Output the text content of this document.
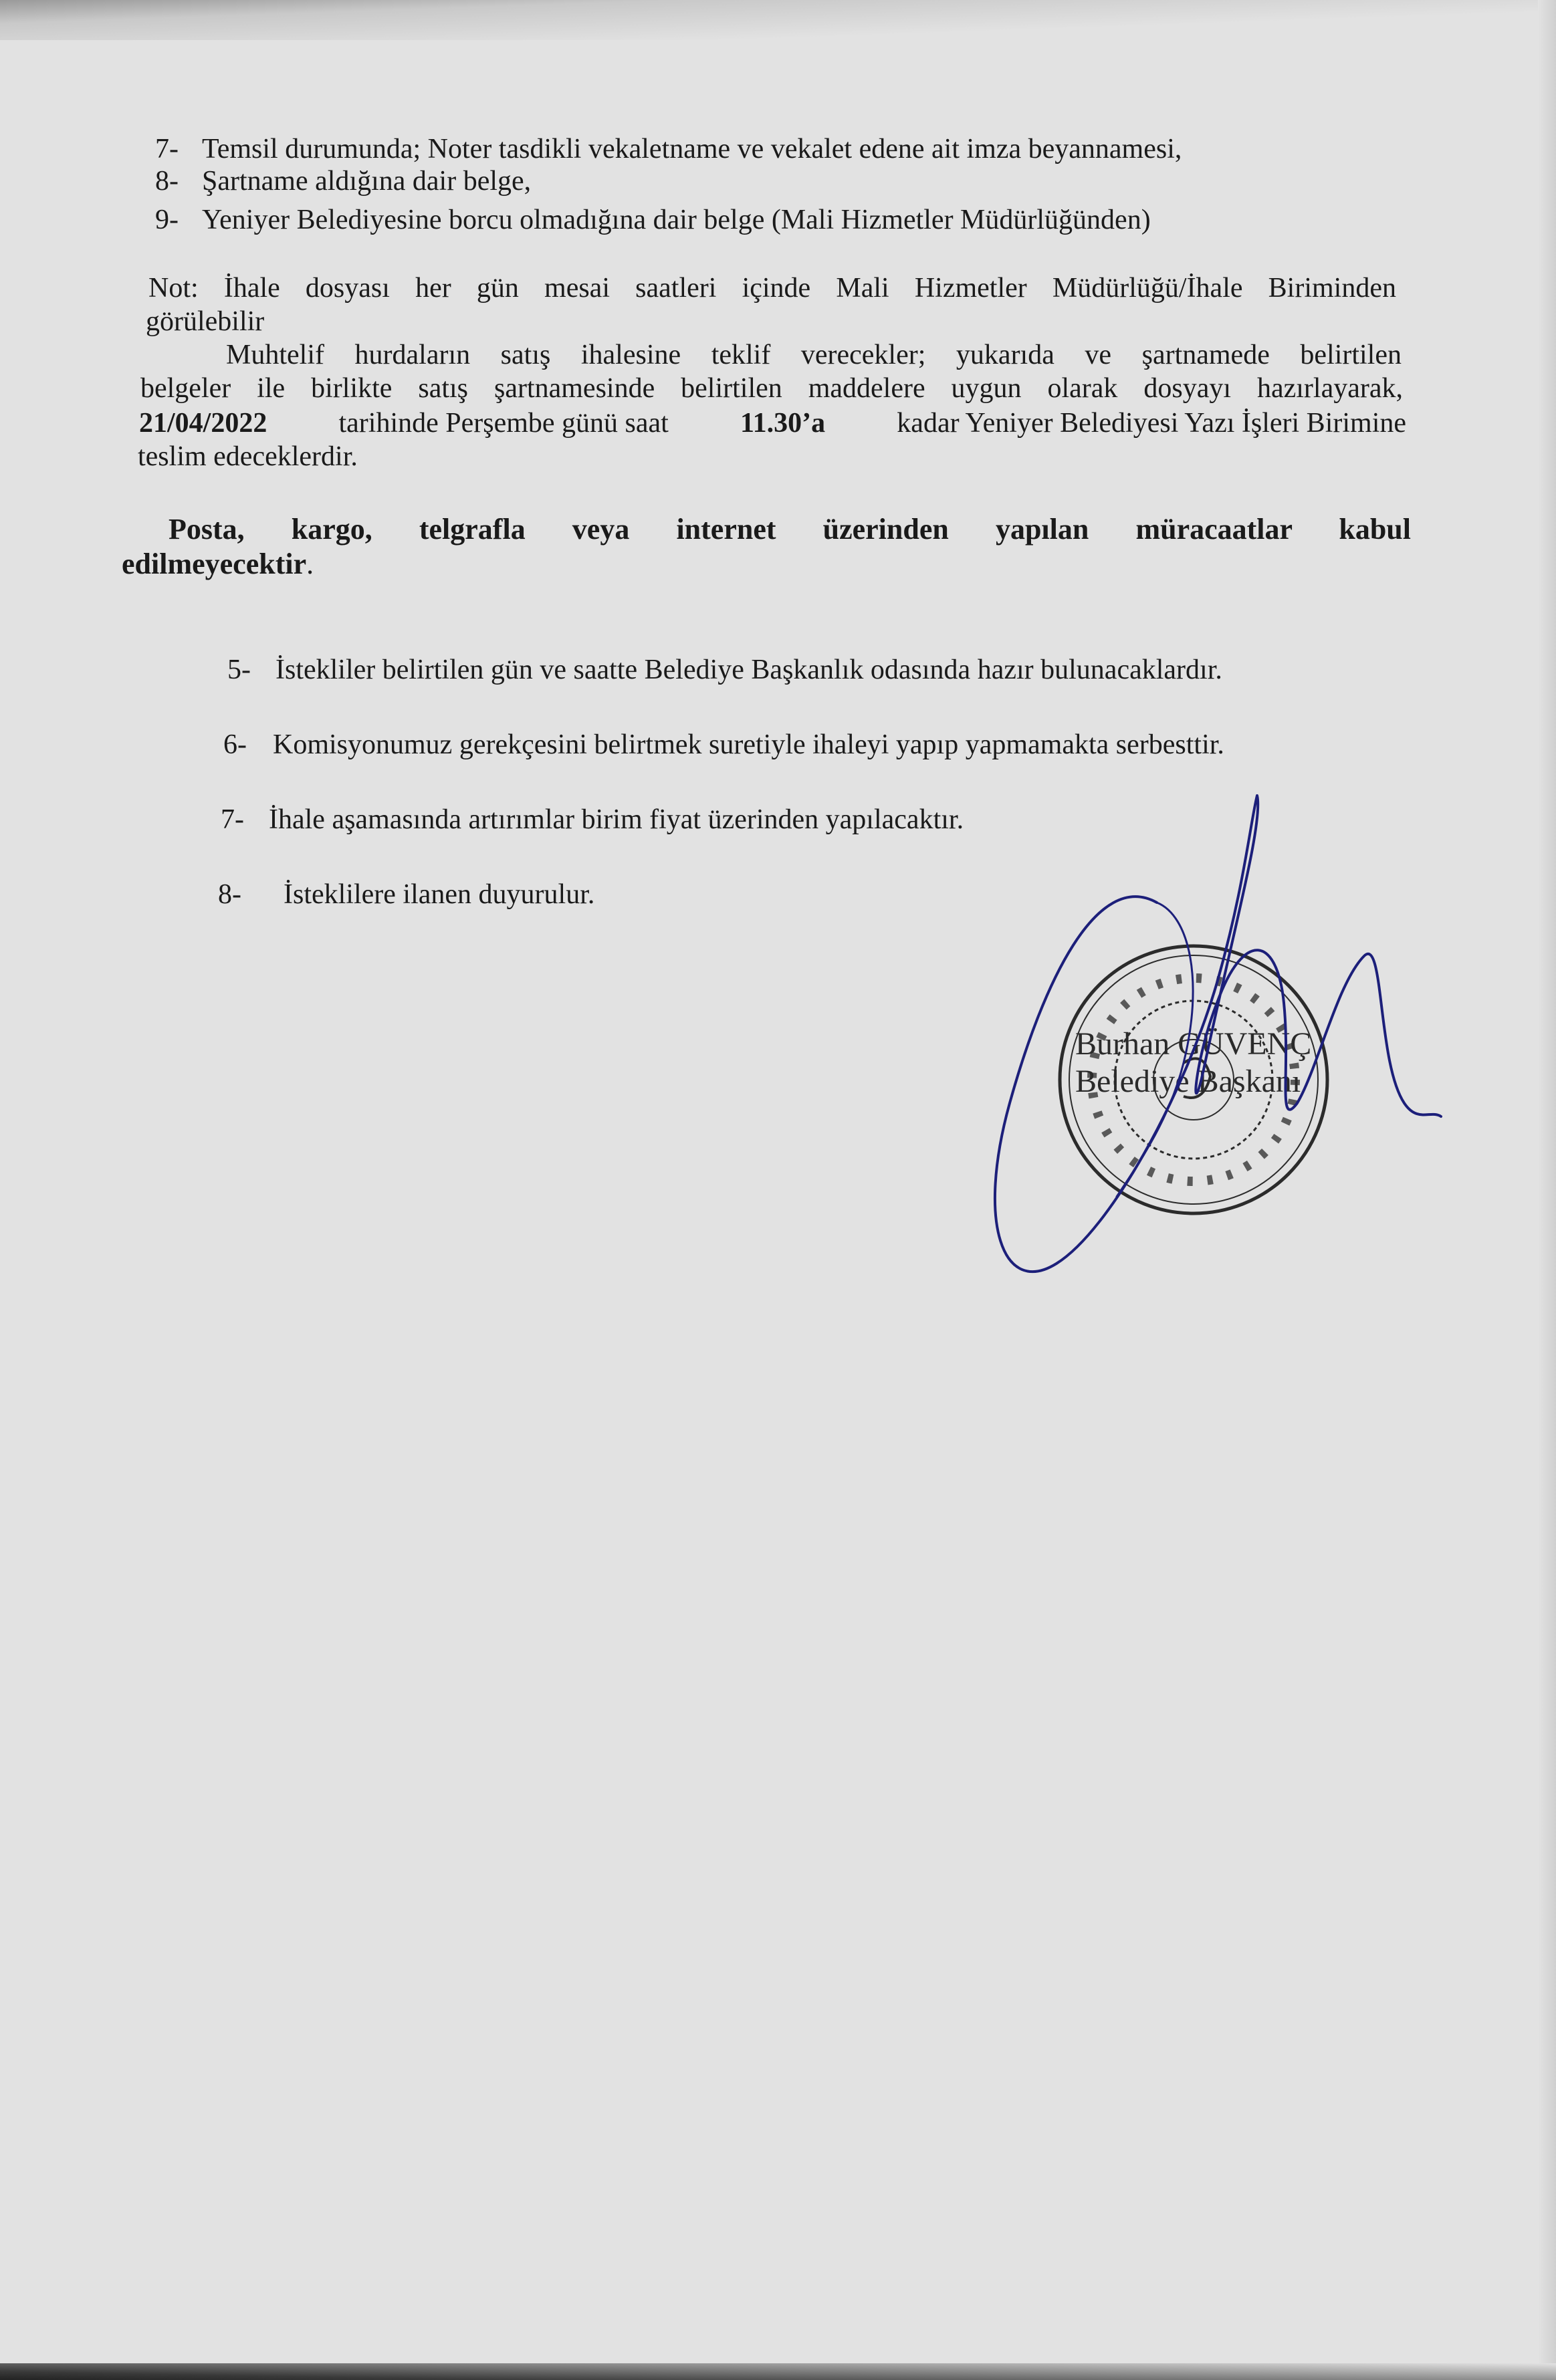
7- Temsil durumunda; Noter tasdikli vekaletname ve vekalet edene ait imza beyannamesi,
8- Şartname aldığına dair belge,
9- Yeniyer Belediyesine borcu olmadığına dair belge (Mali Hizmetler Müdürlüğünden)
Not: İhale dosyası her gün mesai saatleri içinde Mali Hizmetler Müdürlüğü/İhale Biriminden
görülebilir
Muhtelif hurdaların satış ihalesine teklif verecekler; yukarıda ve şartnamede belirtilen
belgeler ile birlikte satış şartnamesinde belirtilen maddelere uygun olarak dosyayı hazırlayarak,
21/04/2022	tarihinde Perşembe günü saat	11.30’a	kadar Yeniyer Belediyesi Yazı İşleri Birimine
teslim edeceklerdir.
Posta, kargo, telgrafla veya internet üzerinden yapılan müracaatlar kabul
edilmeyecektir.
5- İstekliler belirtilen gün ve saatte Belediye Başkanlık odasında hazır bulunacaklardır.
6- Komisyonumuz gerekçesini belirtmek suretiyle ihaleyi yapıp yapmamakta serbesttir.
7- İhale aşamasında artırımlar birim fiyat üzerinden yapılacaktır.
8- İsteklilere ilanen duyurulur.
Burhan GÜVENÇ
Belediye Başkanı
